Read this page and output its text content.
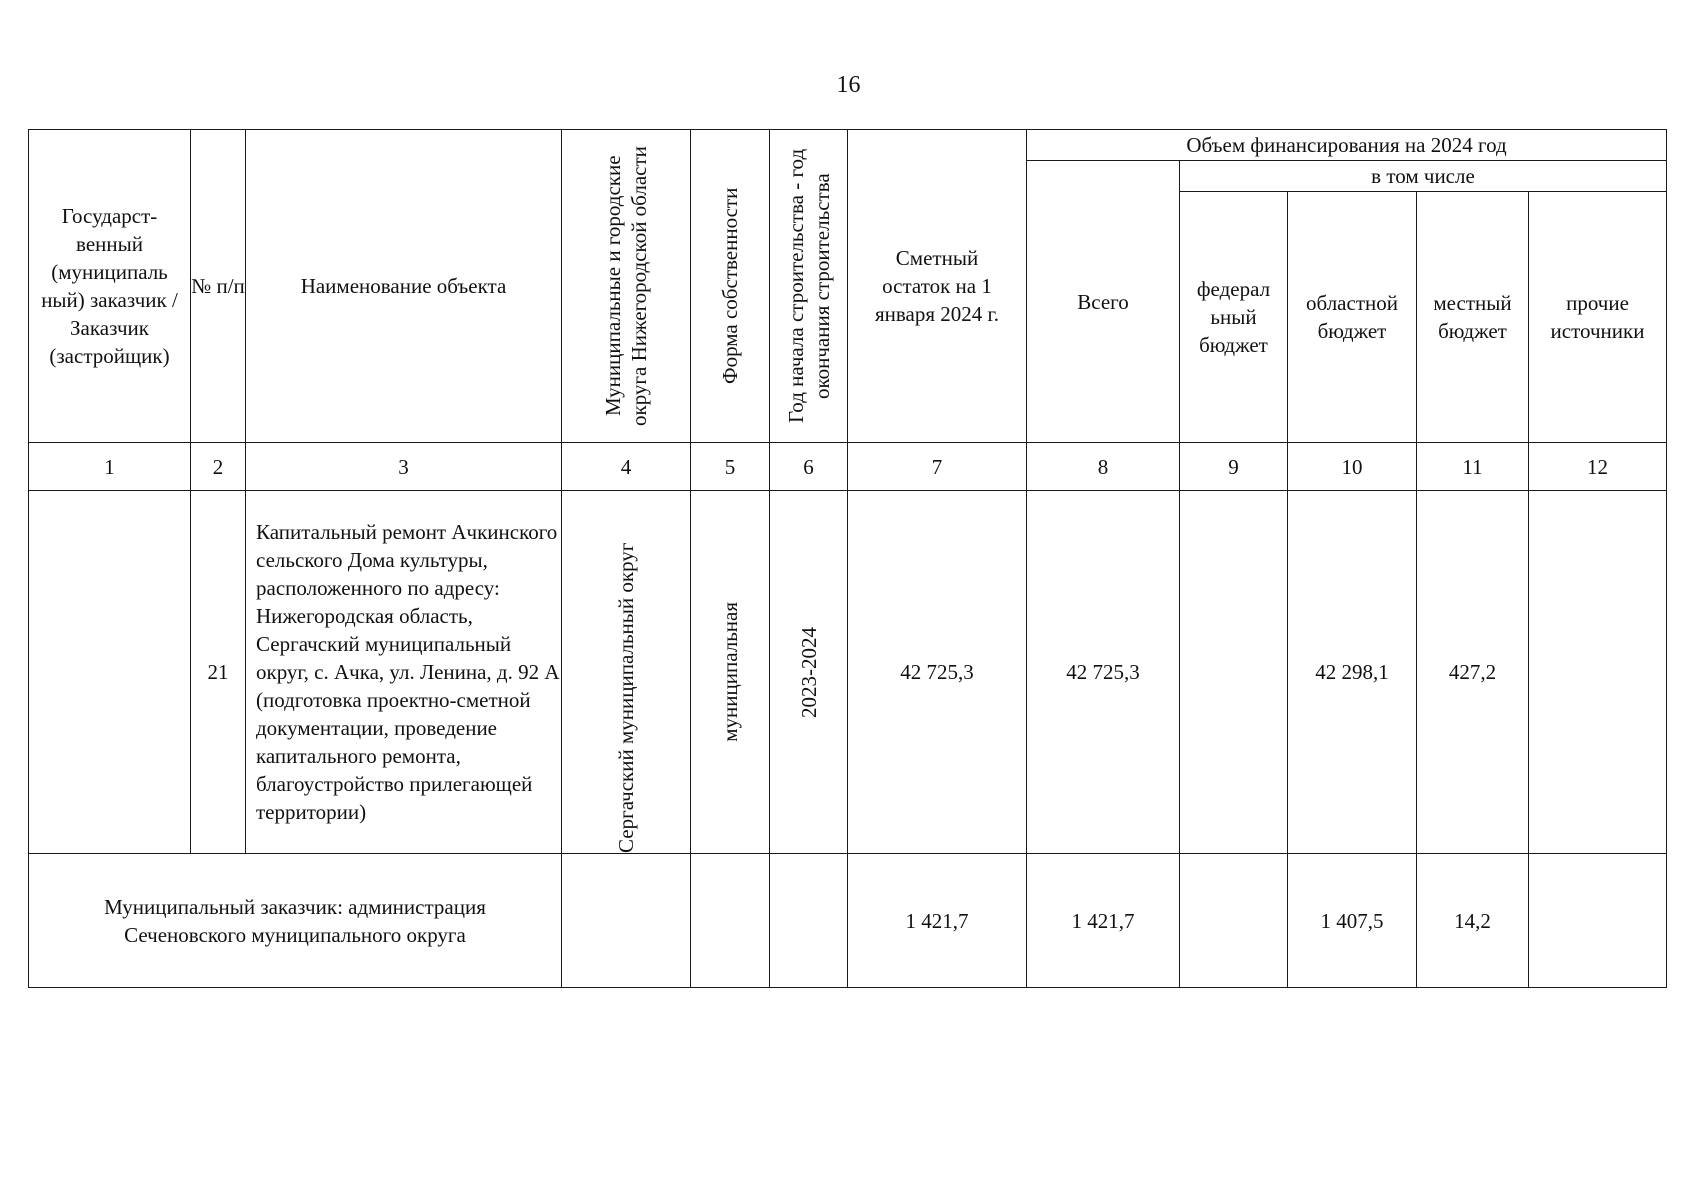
16
Государст-венный (муниципаль ный) заказчик / Заказчик (застройщик)	№ п/п	Наименование объекта	Муниципальные и городские округа Нижегородской области	Форма собственности	Год начала строительства - год окончания строительства	Сметный остаток на 1 января 2024 г.	Объем финансирования на 2024 год				
							Всего	в том числе			
								федерал ьный бюджет	областной бюджет	местный бюджет	прочие источники
1	2	3	4	5	6	7	8	9	10	11	12
	21	Капитальный ремонт Ачкинского сельского Дома культуры, расположенного по адресу: Нижегородская область, Сергачский муниципальный округ, с. Ачка, ул. Ленина, д. 92 А (подготовка проектно-сметной документации, проведение капитального ремонта, благоустройство прилегающей территории)	Сергачский муниципальный округ	муниципальная	2023-2024	42 725,3	42 725,3		42 298,1	427,2	
Муниципальный заказчик: администрация Сеченовского муниципального округа						1 421,7	1 421,7		1 407,5	14,2	
